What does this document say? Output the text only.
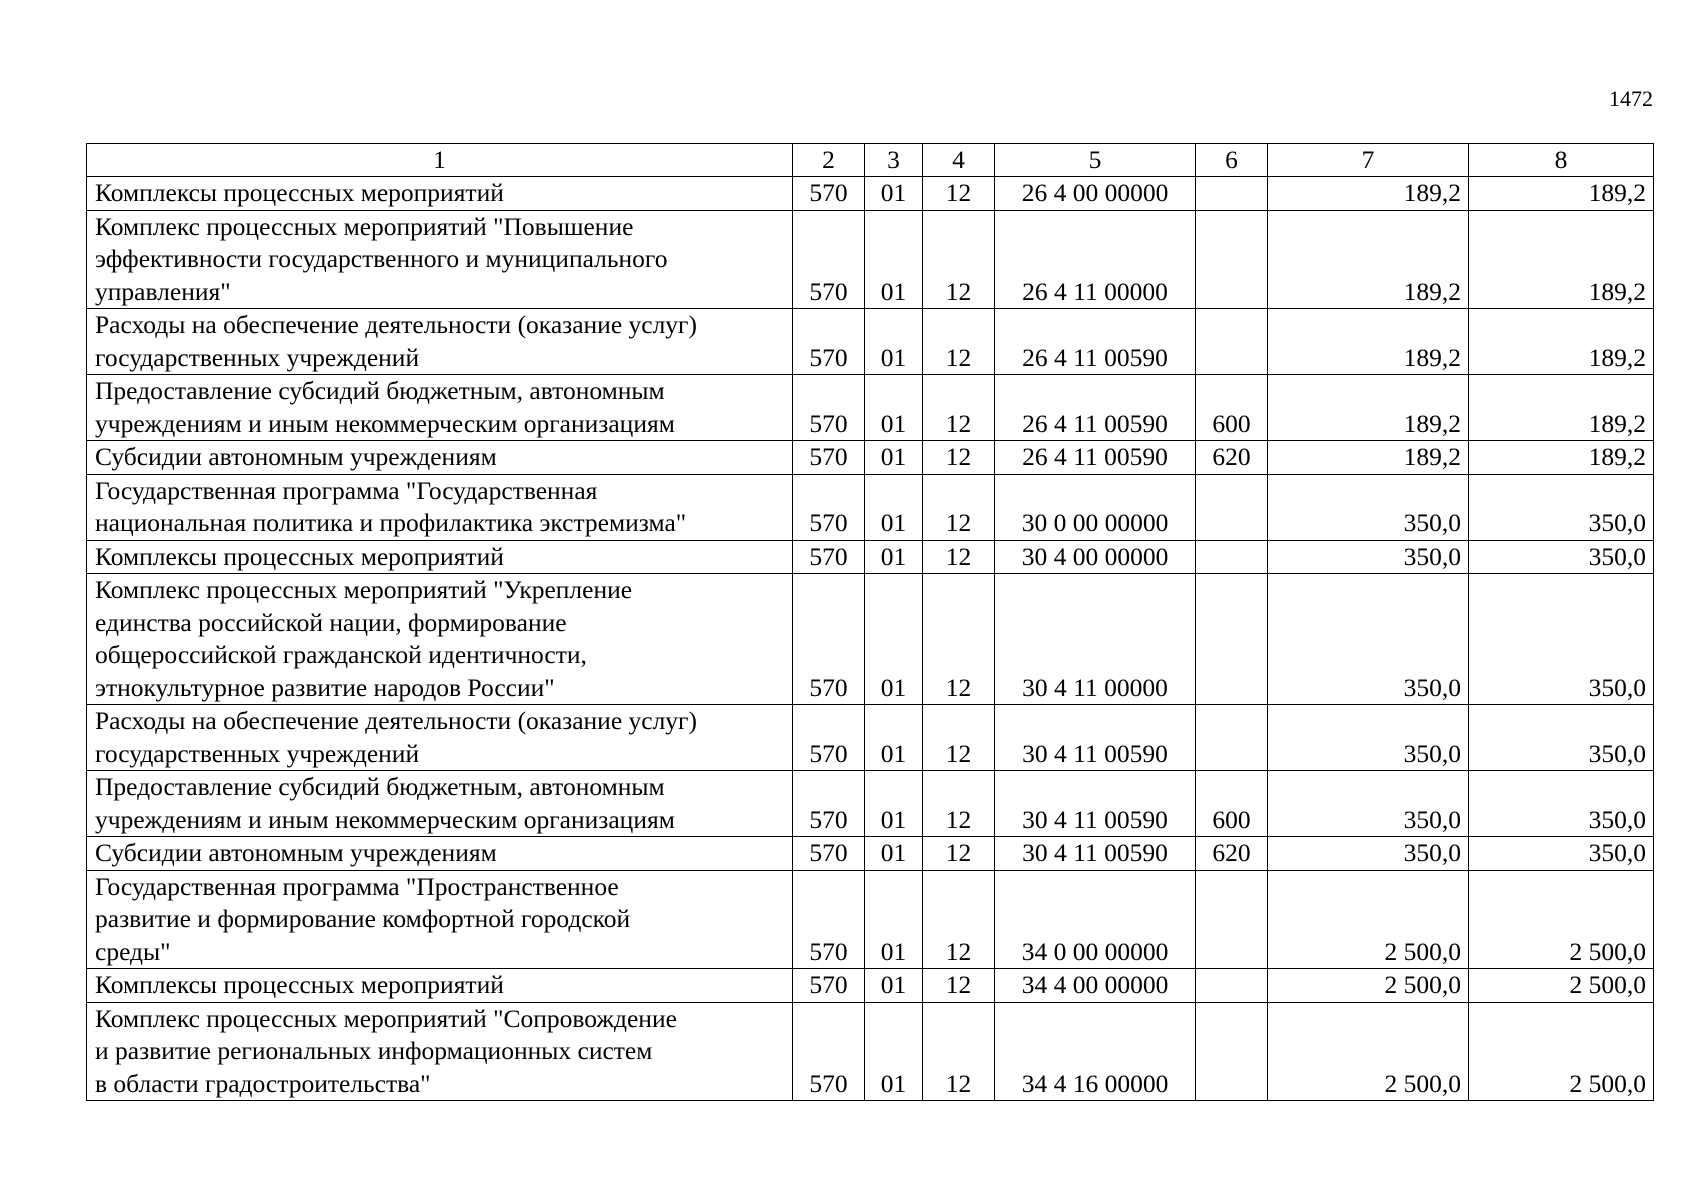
1472
1	2	3	4	5	6	7	8

Комплексы процессных мероприятий	570	01	12	26 4 00 00000		189,2	189,2

Комплекс процессных мероприятий "Повышение
эффективности государственного и муниципального
управления"	570	01	12	26 4 11 00000		189,2	189,2

Расходы на обеспечение деятельности (оказание услуг)
государственных учреждений	570	01	12	26 4 11 00590		189,2	189,2

Предоставление субсидий бюджетным, автономным
учреждениям и иным некоммерческим организациям	570	01	12	26 4 11 00590	600	189,2	189,2

Субсидии автономным учреждениям	570	01	12	26 4 11 00590	620	189,2	189,2

Государственная программа "Государственная
национальная политика и профилактика экстремизма"	570	01	12	30 0 00 00000		350,0	350,0

Комплексы процессных мероприятий	570	01	12	30 4 00 00000		350,0	350,0

Комплекс процессных мероприятий "Укрепление
единства российской нации, формирование
общероссийской гражданской идентичности,
этнокультурное развитие народов России"	570	01	12	30 4 11 00000		350,0	350,0

Расходы на обеспечение деятельности (оказание услуг)
государственных учреждений	570	01	12	30 4 11 00590		350,0	350,0

Предоставление субсидий бюджетным, автономным
учреждениям и иным некоммерческим организациям	570	01	12	30 4 11 00590	600	350,0	350,0

Субсидии автономным учреждениям	570	01	12	30 4 11 00590	620	350,0	350,0

Государственная программа "Пространственное
развитие и формирование комфортной городской
среды"	570	01	12	34 0 00 00000		2 500,0	2 500,0

Комплексы процессных мероприятий	570	01	12	34 4 00 00000		2 500,0	2 500,0

Комплекс процессных мероприятий "Сопровождение
и развитие региональных информационных систем
в области градостроительства"	570	01	12	34 4 16 00000		2 500,0	2 500,0
